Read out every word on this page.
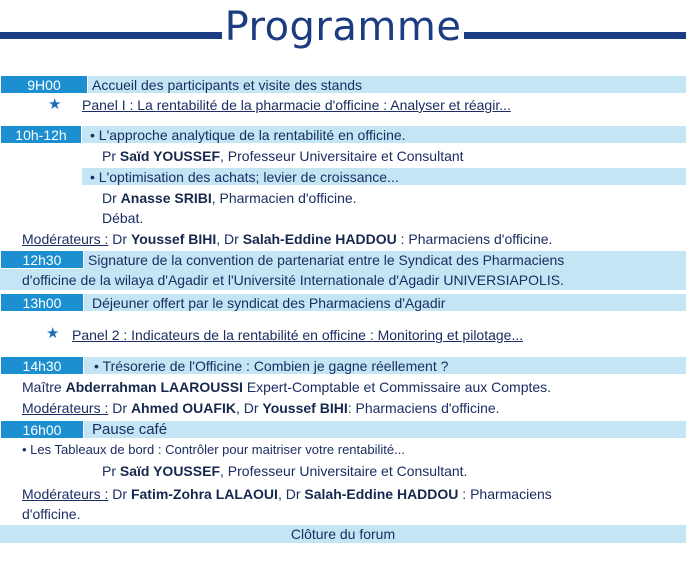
Programme
9H00	Accueil des participants et visite des stands
★ Panel I : La rentabilité de la pharmacie d'officine : Analyser et réagir...
10h-12h	• L'approche analytique de la rentabilité en officine.
Pr Saïd YOUSSEF, Professeur Universitaire et Consultant
• L'optimisation des achats; levier de croissance...
Dr Anasse SRIBI, Pharmacien d'officine.
Débat.
Modérateurs : Dr Youssef BIHI, Dr Salah-Eddine HADDOU : Pharmaciens d'officine.
12h30	Signature de la convention de partenariat entre le Syndicat des Pharmaciens
d'officine de la wilaya d'Agadir et l'Université Internationale d'Agadir UNIVERSIAPOLIS.
13h00	Déjeuner offert par le syndicat des Pharmaciens d'Agadir
★ Panel 2 : Indicateurs de la rentabilité en officine : Monitoring et pilotage...
14h30	• Trésorerie de l'Officine : Combien je gagne réellement ?
Maître Abderrahman LAAROUSSI Expert-Comptable et Commissaire aux Comptes.
Modérateurs : Dr Ahmed OUAFIK, Dr Youssef BIHI: Pharmaciens d'officine.
16h00	Pause café
• Les Tableaux de bord : Contrôler pour maitriser votre rentabilité...
Pr Saïd YOUSSEF, Professeur Universitaire et Consultant.
Modérateurs : Dr Fatim-Zohra LALAOUI, Dr Salah-Eddine HADDOU : Pharmaciens
d'officine.
Clôture du forum
